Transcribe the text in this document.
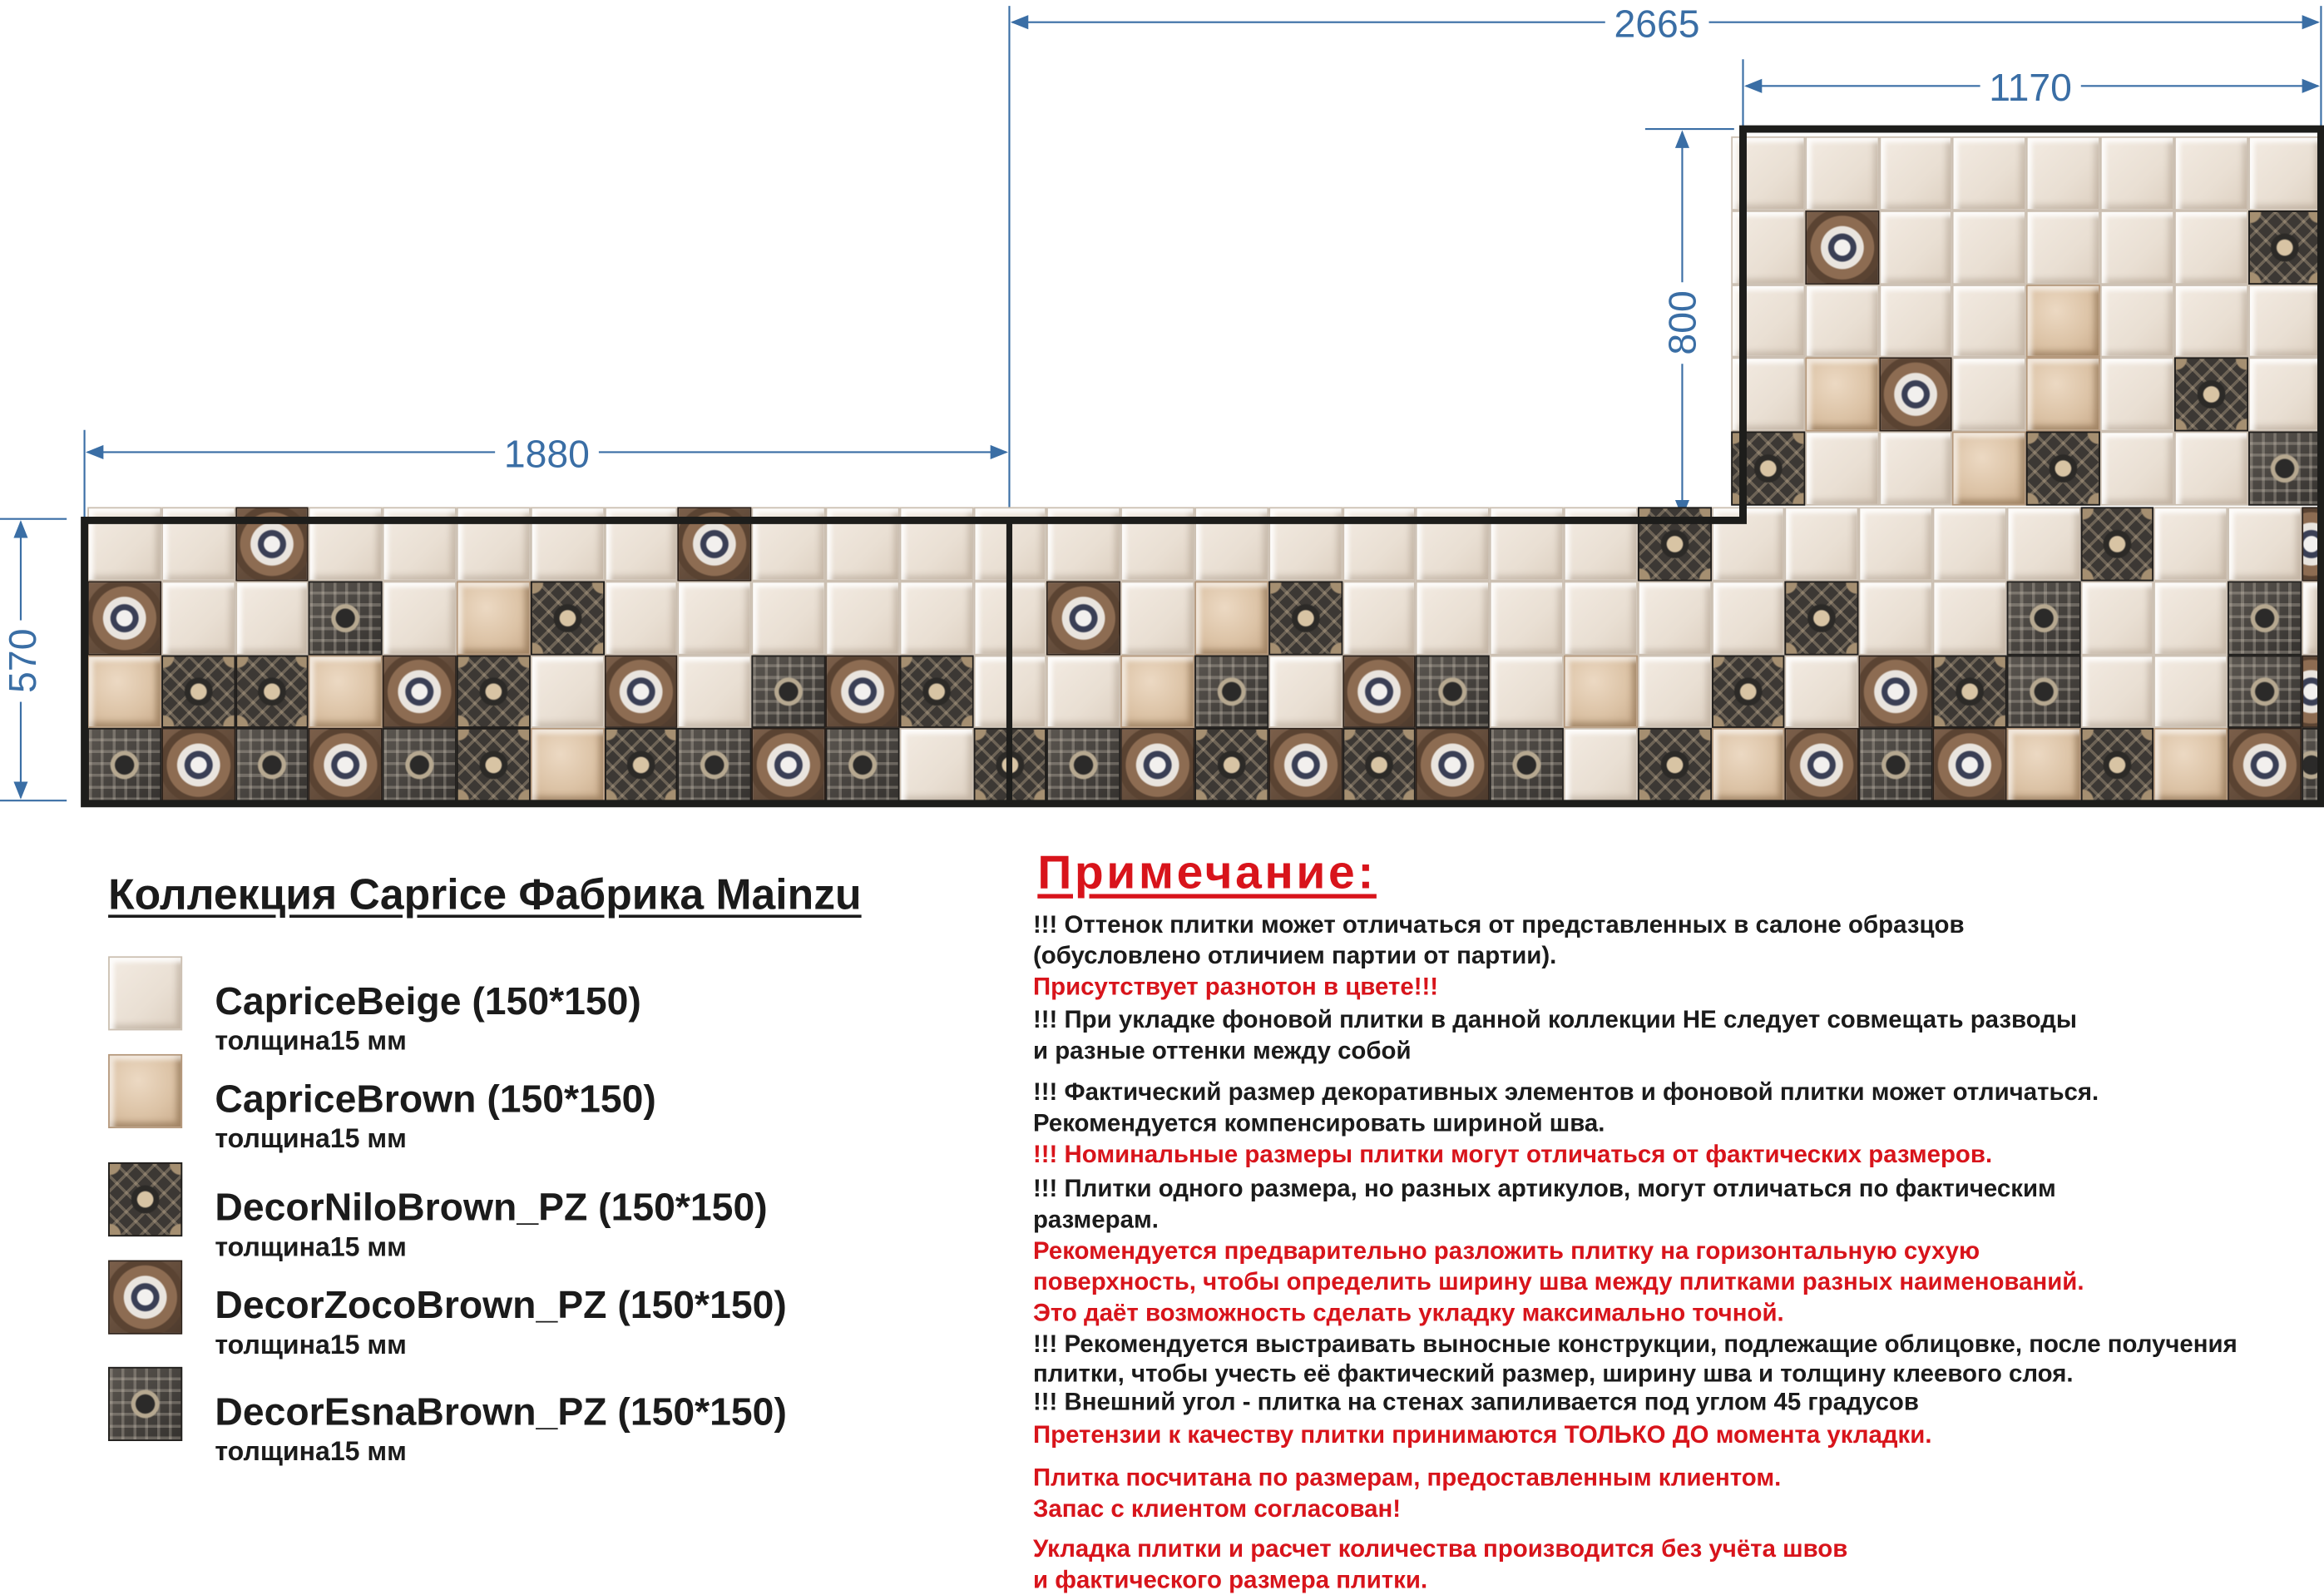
2665
1170
1880
800
570
Коллекция Caprice Фабрика Mainzu
CapriceBeige (150*150)
толщина15 мм
CapriceBrown (150*150)
толщина15 мм
DecorNiloBrown_PZ (150*150)
толщина15 мм
DecorZocoBrown_PZ (150*150)
толщина15 мм
DecorEsnaBrown_PZ (150*150)
толщина15 мм
Примечание:
!!! Оттенок плитки может отличаться от представленных в салоне образцов
(обусловлено отличием партии от партии).
Присутствует разнотон в цвете!!!
!!! При укладке фоновой плитки в данной коллекции НЕ следует совмещать разводы
и разные оттенки между собой
!!! Фактический размер декоративных элементов и фоновой плитки может отличаться.
Рекомендуется компенсировать шириной шва.
!!! Номинальные размеры плитки могут отличаться от фактических размеров.
!!! Плитки одного размера, но разных артикулов, могут отличаться по фактическим
размерам.
Рекомендуется предварительно разложить плитку на горизонтальную сухую
поверхность, чтобы определить ширину шва между плитками разных наименований.
Это даёт возможность сделать укладку максимально точной.
!!! Рекомендуется выстраивать выносные конструкции, подлежащие облицовке, после получения
плитки, чтобы учесть её фактический размер, ширину шва и толщину клеевого слоя.
!!! Внешний угол - плитка на стенах запиливается под углом 45 градусов
Претензии к качеству плитки принимаются ТОЛЬКО ДО момента укладки.
Плитка посчитана по размерам, предоставленным клиентом.
Запас с клиентом согласован!
Укладка плитки и расчет количества производится без учёта швов
и фактического размера плитки.
